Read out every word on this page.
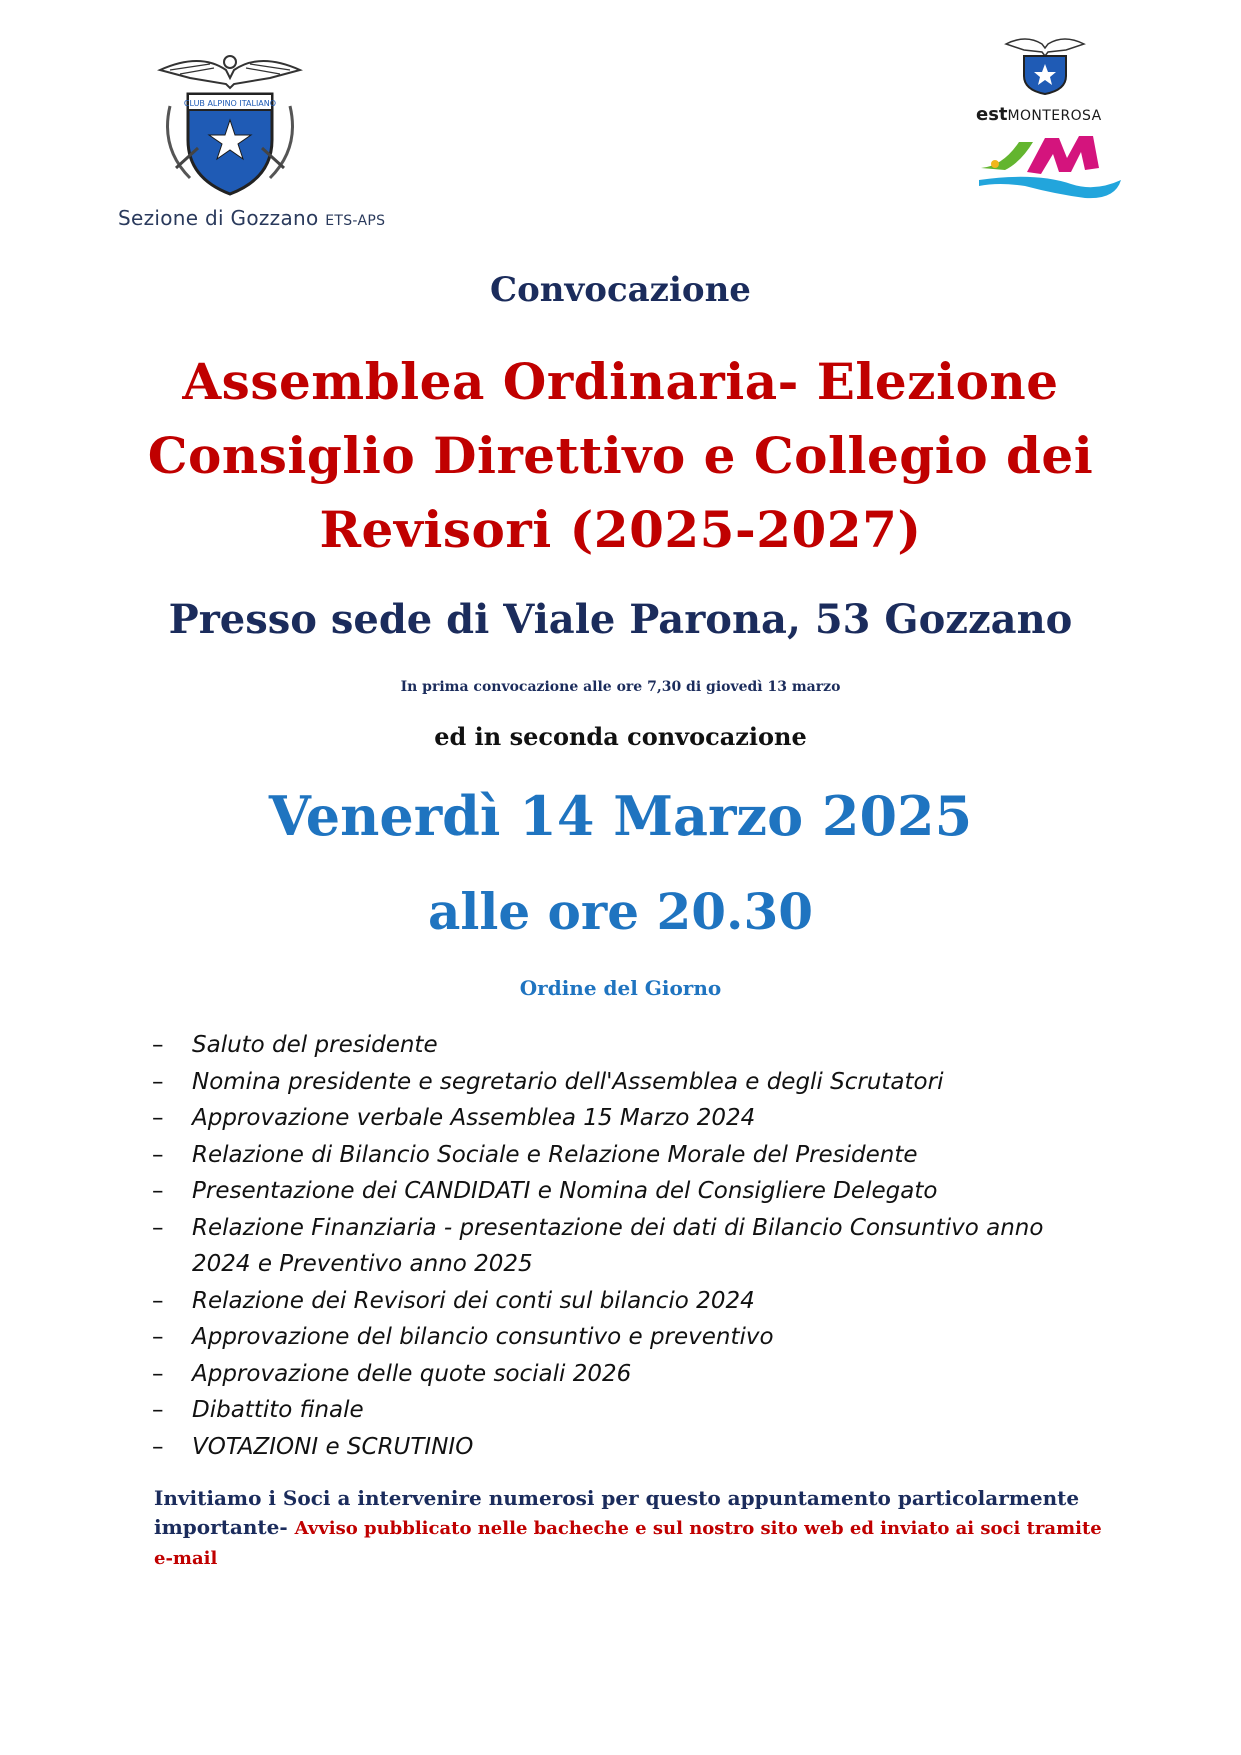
CLUB ALPINO ITALIANO
Sezione di Gozzano ETS-APS
estMONTEROSA
Convocazione
Assemblea Ordinaria- Elezione
Consiglio Direttivo e Collegio dei
Revisori (2025-2027)
Presso sede di Viale Parona, 53 Gozzano
In prima convocazione alle ore 7,30 di giovedì 13 marzo
ed in seconda convocazione
Venerdì 14 Marzo 2025
alle ore 20.30
Ordine del Giorno
– Saluto del presidente
– Nomina presidente e segretario dell'Assemblea e degli Scrutatori
– Approvazione verbale Assemblea 15 Marzo 2024
– Relazione di Bilancio Sociale e Relazione Morale del Presidente
– Presentazione dei CANDIDATI e Nomina del Consigliere Delegato
– Relazione Finanziaria - presentazione dei dati di Bilancio Consuntivo anno 2024 e Preventivo anno 2025
– Relazione dei Revisori dei conti sul bilancio 2024
– Approvazione del bilancio consuntivo e preventivo
– Approvazione delle quote sociali 2026
– Dibattito finale
– VOTAZIONI e SCRUTINIO
Invitiamo i Soci a intervenire numerosi per questo appuntamento particolarmente importante- Avviso pubblicato nelle bacheche e sul nostro sito web ed inviato ai soci tramite e-mail
